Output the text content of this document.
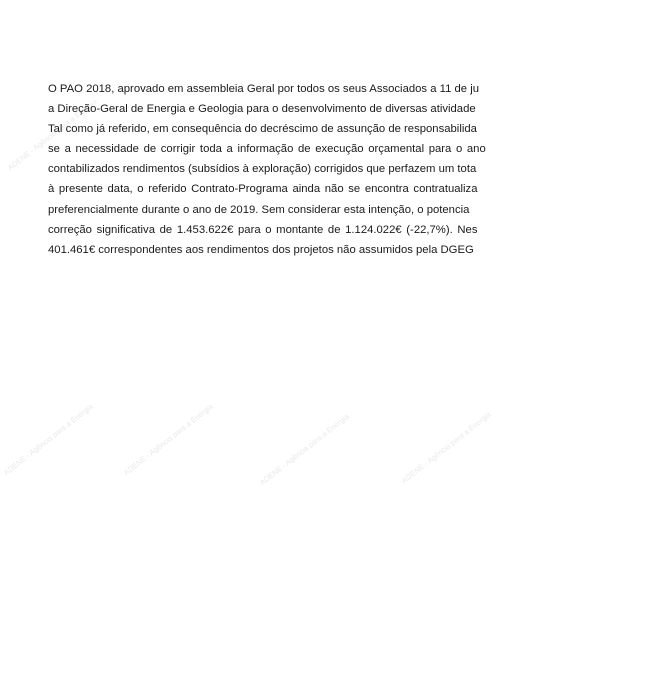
ADENE - Agência para a Energia
ADENE - Agência para a Energia	ADENE - Agência para a Energia	ADENE - Agência para a Energia	ADENE - Agência para a Energia
O PAO 2018, aprovado em assembleia Geral por todos os seus Associados a 11 de ju
a Direção-Geral de Energia e Geologia para o desenvolvimento de diversas atividade
Tal como já referido, em consequência do decréscimo de assunção de responsabilida
se a necessidade de corrigir toda a informação de execução orçamental para o ano
contabilizados rendimentos (subsídios à exploração) corrigidos que perfazem um tota
à presente data, o referido Contrato-Programa ainda não se encontra contratualiza
preferencialmente durante o ano de 2019. Sem considerar esta intenção, o potencia
correção significativa de 1.453.622€ para o montante de 1.124.022€ (-22,7%). Nes
401.461€ correspondentes aos rendimentos dos projetos não assumidos pela DGEG
